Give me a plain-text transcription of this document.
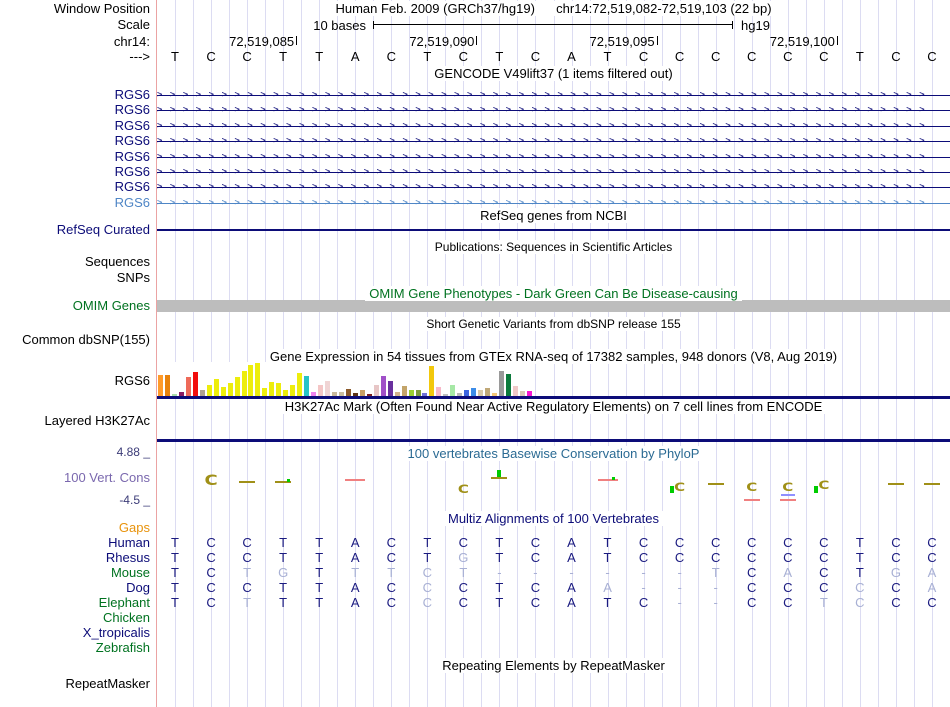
Window Position	Human Feb. 2009 (GRCh37/hg19) chr14:72,519,082-72,519,103 (22 bp)
Scale	10 bases	hg19
chr14:	72,519,085	72,519,090	72,519,095	72,519,100
--->	T	C	C	T	T	A	C	T	C	T	C	A	T	C	C	C	C	C	C	T	C	C
GENCODE V49lift37 (1 items filtered out)
RGS6 >>>>>>>>>>>>>>>>>>>>>>>>>>>>>>>>>>>>>>>>>>>>>>>>>>>>>>>>>>>>
RGS6 >>>>>>>>>>>>>>>>>>>>>>>>>>>>>>>>>>>>>>>>>>>>>>>>>>>>>>>>>>>>
RGS6 >>>>>>>>>>>>>>>>>>>>>>>>>>>>>>>>>>>>>>>>>>>>>>>>>>>>>>>>>>>>
RGS6 >>>>>>>>>>>>>>>>>>>>>>>>>>>>>>>>>>>>>>>>>>>>>>>>>>>>>>>>>>>>
RGS6 >>>>>>>>>>>>>>>>>>>>>>>>>>>>>>>>>>>>>>>>>>>>>>>>>>>>>>>>>>>>
RGS6 >>>>>>>>>>>>>>>>>>>>>>>>>>>>>>>>>>>>>>>>>>>>>>>>>>>>>>>>>>>>
RGS6 >>>>>>>>>>>>>>>>>>>>>>>>>>>>>>>>>>>>>>>>>>>>>>>>>>>>>>>>>>>>
RGS6 >>>>>>>>>>>>>>>>>>>>>>>>>>>>>>>>>>>>>>>>>>>>>>>>>>>>>>>>>>>>
RefSeq genes from NCBI
RefSeq Curated
Publications: Sequences in Scientific Articles
Sequences
SNPs
OMIM Gene Phenotypes - Dark Green Can Be Disease-causing
OMIM Genes
Short Genetic Variants from dbSNP release 155
Common dbSNP(155)
Gene Expression in 54 tissues from GTEx RNA-seq of 17382 samples, 948 donors (V8, Aug 2019)
RGS6
H3K27Ac Mark (Often Found Near Active Regulatory Elements) on 7 cell lines from ENCODE
Layered H3K27Ac
4.88 _	100 vertebrates Basewise Conservation by PhyloP
100 Vert. Cons
-4.5 _
C
C	C	C C C
Multiz Alignments of 100 Vertebrates
Gaps
Human	T	C	C	T	T	A	C	T	C	T	C	A	T	C	C	C	C	C	C	T	C	C
Rhesus	T	C	C	T	T	A	C	T	G	T	C	A	T	C	C	C	C	C	C	T	C	C
Mouse	T	C	T	G	T	T	T	C	T	-	-	-	-	-	-	T	C	A	C	T	G	A
Dog	T	C	C	T	T	A	C	C	C	T	C	A	A	-	-	-	C	C	C	C	C	A
Elephant	T	C	T	T	T	A	C	C	C	T	C	A	T	C	-	-	C	C	T	C	C	C
Chicken
X_tropicalis
Zebrafish
Repeating Elements by RepeatMasker
RepeatMasker
